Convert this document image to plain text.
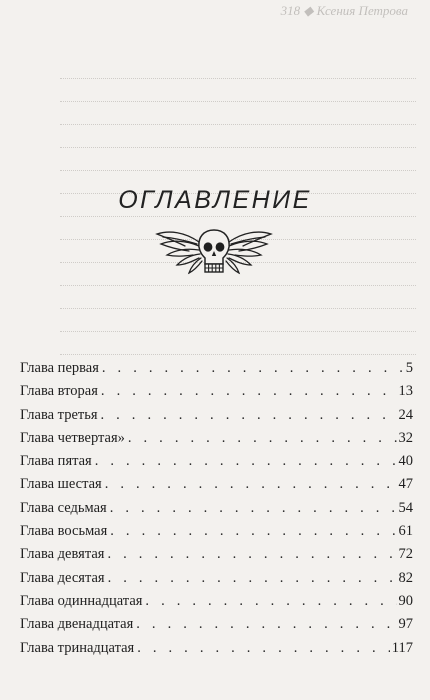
318 ◆ Ксения Петрова
ОГЛАВЛЕНИЕ
Глава первая . . .	5
Глава вторая . . .	13
Глава третья . . .	24
Глава четвертая» . . .	32
Глава пятая . . .	40
Глава шестая . . .	47
Глава седьмая . . .	54
Глава восьмая . . .	61
Глава девятая . . .	72
Глава десятая . . .	82
Глава одиннадцатая . . .	90
Глава двенадцатая . . .	97
Глава тринадцатая . . .	117
